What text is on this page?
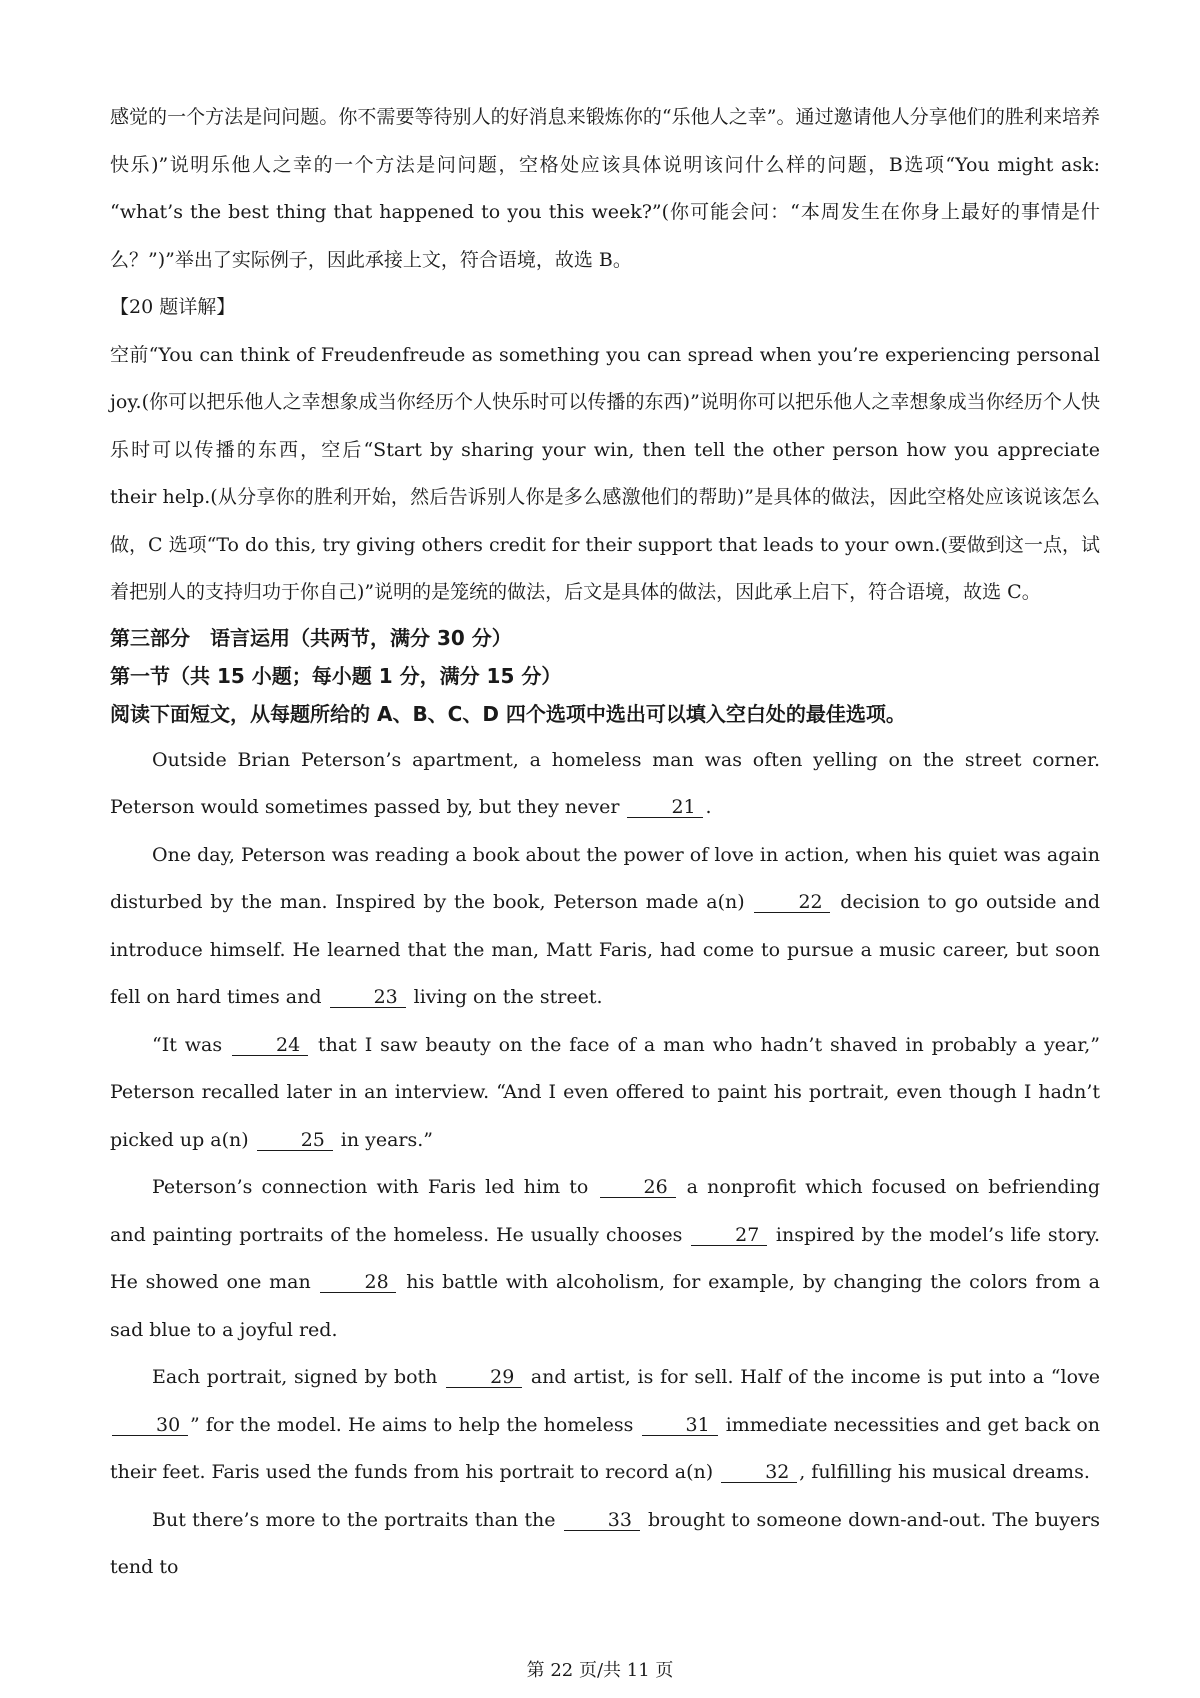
感觉的一个方法是问问题。你不需要等待别人的好消息来锻炼你的“乐他人之幸”。通过邀请他人分享他们的胜利来培养快乐)”说明乐他人之幸的一个方法是问问题，空格处应该具体说明该问什么样的问题，B选项“You might ask: “what’s the best thing that happened to you this week?”(你可能会问：“本周发生在你身上最好的事情是什么？”)”举出了实际例子，因此承接上文，符合语境，故选 B。

【20 题详解】

空前“You can think of Freudenfreude as something you can spread when you’re experiencing personal joy.(你可以把乐他人之幸想象成当你经历个人快乐时可以传播的东西)”说明你可以把乐他人之幸想象成当你经历个人快乐时可以传播的东西，空后“Start by sharing your win, then tell the other person how you appreciate their help.(从分享你的胜利开始，然后告诉别人你是多么感激他们的帮助)”是具体的做法，因此空格处应该说该怎么做，C 选项“To do this, try giving others credit for their support that leads to your own.(要做到这一点，试着把别人的支持归功于你自己)”说明的是笼统的做法，后文是具体的做法，因此承上启下，符合语境，故选 C。

第三部分　语言运用（共两节，满分 30 分）

第一节（共 15 小题；每小题 1 分，满分 15 分）

阅读下面短文，从每题所给的 A、B、C、D 四个选项中选出可以填入空白处的最佳选项。

Outside Brian Peterson’s apartment, a homeless man was often yelling on the street corner. Peterson would sometimes passed by, but they never 21 .

One day, Peterson was reading a book about the power of love in action, when his quiet was again disturbed by the man. Inspired by the book, Peterson made a(n) 22 decision to go outside and introduce himself. He learned that the man, Matt Faris, had come to pursue a music career, but soon fell on hard times and 23 living on the street.

“It was 24 that I saw beauty on the face of a man who hadn’t shaved in probably a year,” Peterson recalled later in an interview. “And I even offered to paint his portrait, even though I hadn’t picked up a(n) 25 in years.”

Peterson’s connection with Faris led him to 26 a nonprofit which focused on befriending and painting portraits of the homeless. He usually chooses 27 inspired by the model’s life story. He showed one man 28 his battle with alcoholism, for example, by changing the colors from a sad blue to a joyful red.

Each portrait, signed by both 29 and artist, is for sell. Half of the income is put into a “love 30 ” for the model. He aims to help the homeless 31 immediate necessities and get back on their feet. Faris used the funds from his portrait to record a(n) 32 , fulfilling his musical dreams.

But there’s more to the portraits than the 33 brought to someone down-and-out. The buyers tend to

第 22 页/共 11 页
